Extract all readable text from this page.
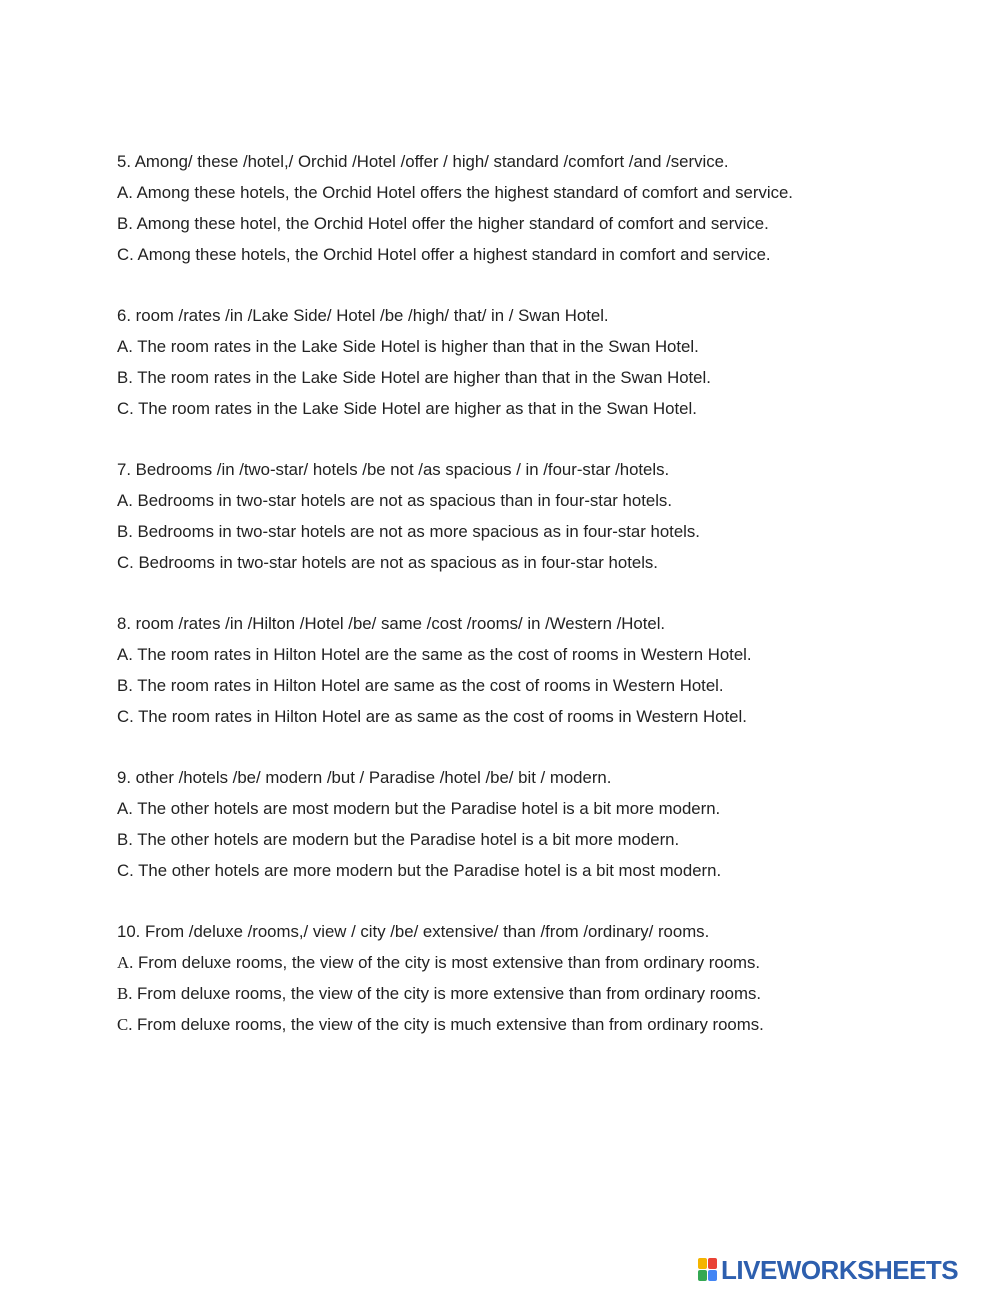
5. Among/ these /hotel,/ Orchid /Hotel /offer / high/ standard /comfort /and /service.
A. Among these hotels, the Orchid Hotel offers the highest standard of comfort and service.
B. Among these hotel, the Orchid Hotel offer the higher standard of comfort and service.
C. Among these hotels, the Orchid Hotel offer a highest standard in comfort and service.
6. room /rates /in /Lake Side/ Hotel /be /high/ that/ in / Swan Hotel.
A. The room rates in the Lake Side Hotel is higher than that in the Swan Hotel.
B. The room rates in the Lake Side Hotel are higher than that in the Swan Hotel.
C. The room rates in the Lake Side Hotel are higher as that in the Swan Hotel.
7. Bedrooms /in /two-star/ hotels /be not /as spacious / in /four-star /hotels.
A. Bedrooms in two-star hotels are not as spacious than in four-star hotels.
B. Bedrooms in two-star hotels are not as more spacious as in four-star hotels.
C. Bedrooms in two-star hotels are not as spacious as in four-star hotels.
8. room /rates /in /Hilton /Hotel /be/ same /cost /rooms/ in /Western /Hotel.
A. The room rates in Hilton Hotel are the same as the cost of rooms in Western Hotel.
B. The room rates in Hilton Hotel are same as the cost of rooms in Western Hotel.
C. The room rates in Hilton Hotel are as same as the cost of rooms in Western Hotel.
9. other /hotels /be/ modern /but / Paradise /hotel /be/ bit / modern.
A. The other hotels are most modern but the Paradise hotel is a bit more modern.
B. The other hotels are modern but the Paradise hotel is a bit more modern.
C. The other hotels are more modern but the Paradise hotel is a bit most modern.
10. From /deluxe /rooms,/ view / city /be/ extensive/ than /from /ordinary/ rooms.
A. From deluxe rooms, the view of the city is most extensive than from ordinary rooms.
B. From deluxe rooms, the view of the city is more extensive than from ordinary rooms.
C. From deluxe rooms, the view of the city is much extensive than from ordinary rooms.
LIVEWORKSHEETS
